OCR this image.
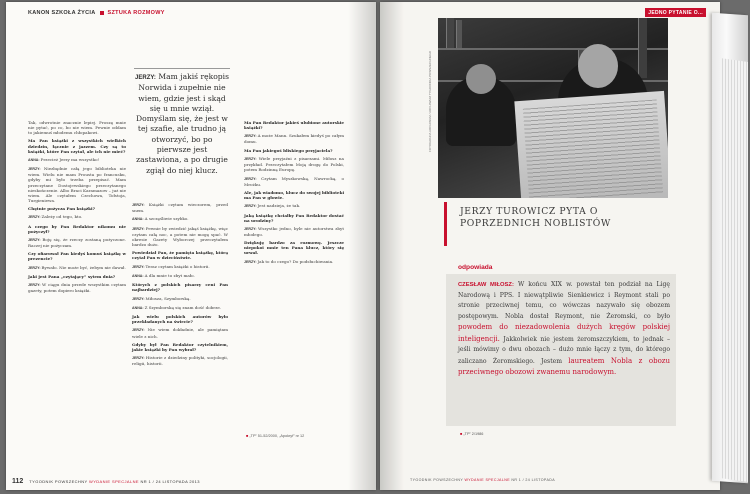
KANON SZKOŁA ŻYCIA SZTUKA ROZMOWY
JERZY: Mam jakiś rękopis Norwida i zupełnie nie wiem, gdzie jest i skąd się u mnie wziął. Domyślam się, że jest w tej szafie, ale trudno ją otworzyć, bo po pierwsze jest zastawiona, a po drugie zgiął do niej klucz.

Tak, odwrotnie znacznie lepiej. Proszę mnie nie pytać, po co, bo nie wiem. Pewnie oddam to jakiemuś młodemu chłopakowi.

Ma Pan książki z wszystkich wielkich dziedzin, łącznie z jazzem. Czy są to książki, które Pan czytał, ale ich nie mieć?

ANNA: Przecież Jerzy ma wszystko!

JERZY: Niezbędnie całą jego biblioteka nie wiem. Wielu nie mam Prousta po francusku, gdyby mi było trzeba przepisać. Mam przeczytane Dostojewskiego przeczytanego nieskończenie. Albo Braci Karamazow – już nie wiem. Ale czytałem Czechowa, Tołstoja, Turgieniewa.

Chętnie pożycza Pan książki?

JERZY: Zależy od tego, kto.

A czego by Pan Redaktor nikomu nie pożyczył?

JERZY: Boję się, że rzeczy zostaną pożyczone. Raczej nie pożyczam.

Czy ofiarował Pan kiedyś komuś książkę w prezencie?

JERZY: Bywało. Nie może być, żebym nie dawał.

Jaki jest Pana „czytający” sytem dnia?

JERZY: W ciągu dnia przede wszystkim czytam gazety, potem dopiero książki.

JERZY: Książki czytam wieczorem, przed snem.

ANNA: A szczęśliwie szybko.

JERZY: Pewnie by zwiedzić jakąś książkę, więc czytam całą noc, a potem nie mogę spać. W okresie Gazety Wyborczej przeczytałem bardzo dużo.

Powiedział Pan, że pamięta książkę, którą czytał Pan w dzieciństwie.

JERZY: Teraz czytam książki o historii.

ANNA: A dla mnie to zbyt mało.

Których z polskich pisarzy ceni Pan najbardziej?

JERZY: Miłosza, Szymborską.

ANNA: Z Szymborską się znam dość dobrze.

Jak wielu polskich autorów było przekładanych na świecie?

JERZY: Nie wiem dokładnie, ale pamiętam wiele z nich.

Gdyby był Pan Redaktor czytelnikiem, jakie książki by Pan wybrał?

JERZY: Historie z dziedziny polityki, socjologii, religii, historii.

Ma Pan Redaktor jakieś ulubione autorskie książki?

JERZY: A może Mann. Szukałem kiedyś po całym domu.

Ma Pan jakiegoś bliskiego przyjaciela?

JERZY: Wiele przyjaźni z pisarzami. Miłosz na przykład. Przeczytałem Moją drogę do Polski, potem Rodzinną Europę.

JERZY: Czytam Myszkowską, Nawrocką, o Mrożku.

Ale, jak wiadomo, klucz do swojej biblioteki ma Pan w głowie.

JERZY: Jest nadzieja, że tak.

Jaką książkę chciałby Pan Redaktor dostać na urodziny?

JERZY: Wszystko jedno, byle nie autorstwa zbyt młodego.

Dziękuję bardzo za rozmowę. Jeszcze niepokoi mnie ten Pana klucz, który się urwał.

JERZY: Jak to do czego? Do podsłuchiwania.

■ „TP” 51-52/2000, „Apokryf” nr 12
112 TYGODNIK POWSZECHNY WYDANIE SPECJALNE NR 1 / 24 LISTOPADA 2013
JEDNO PYTANIE O...
FOTOGRAFIA ARCHIWUM / ARCHIWUM TYGODNIKA POWSZECHNEGO
JERZY TUROWICZ PYTA O POPRZEDNICH NOBLISTÓW
odpowiada
CZESŁAW MIŁOSZ: W końcu XIX w. powstał ten podział na Ligę Narodową i PPS. I niewątpliwie Sienkiewicz i Reymont stali po stronie przeciwnej temu, co wówczas nazywało się obozem postępowym. Nobla dostał Reymont, nie Żeromski, co było powodem do niezadowolenia dużych kręgów polskiej inteligencji. Jakkolwiek nie jestem żeromszczykiem, to jednak – jeśli mówimy o dwu obozach – dużo mnie łączy z tym, do którego zaliczano Żeromskiego. Jestem laureatem Nobla z obozu przeciwnego obozowi zwanemu narodowym.
■ „TP” 2/1986
TYGODNIK POWSZECHNY WYDANIE SPECJALNE NR 1 / 24 LISTOPADA
